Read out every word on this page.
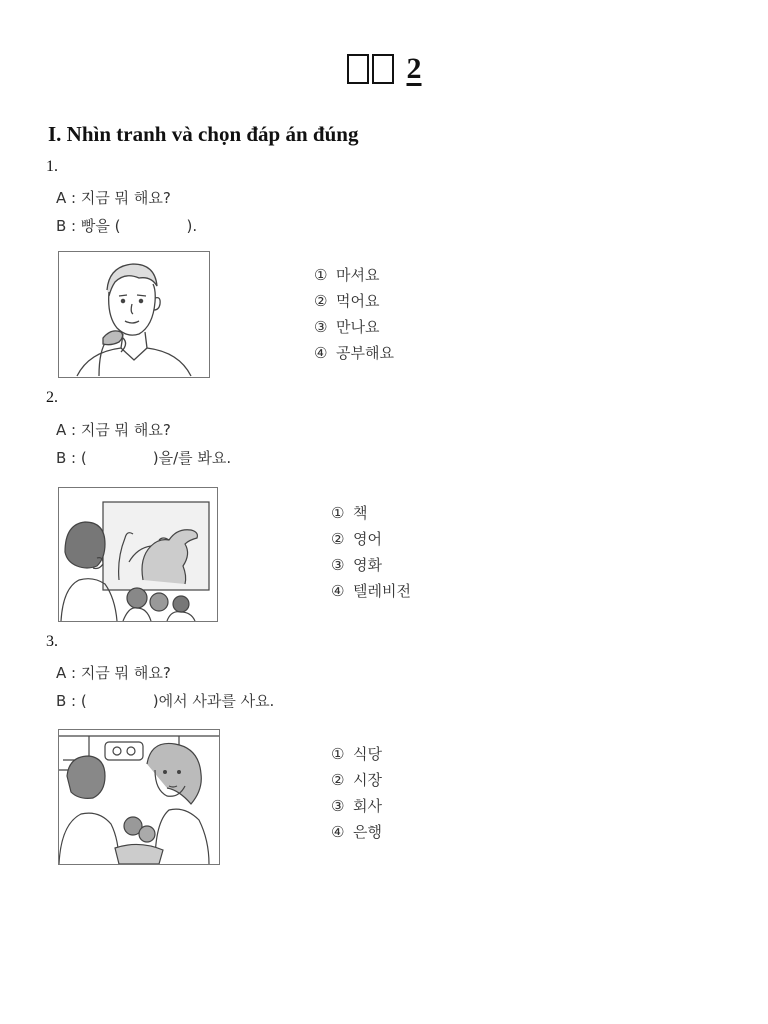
2
I. Nhìn tranh và chọn đáp án đúng
1.
A : 지금 뭐 해요?
B : 빵을 (	).
① 마셔요
② 먹어요
③ 만나요
④ 공부해요
2.
A : 지금 뭐 해요?
B : (	)을/를 봐요.
① 책
② 영어
③ 영화
④ 텔레비전
3.
A : 지금 뭐 해요?
B : (	)에서 사과를 사요.
① 식당
② 시장
③ 회사
④ 은행
